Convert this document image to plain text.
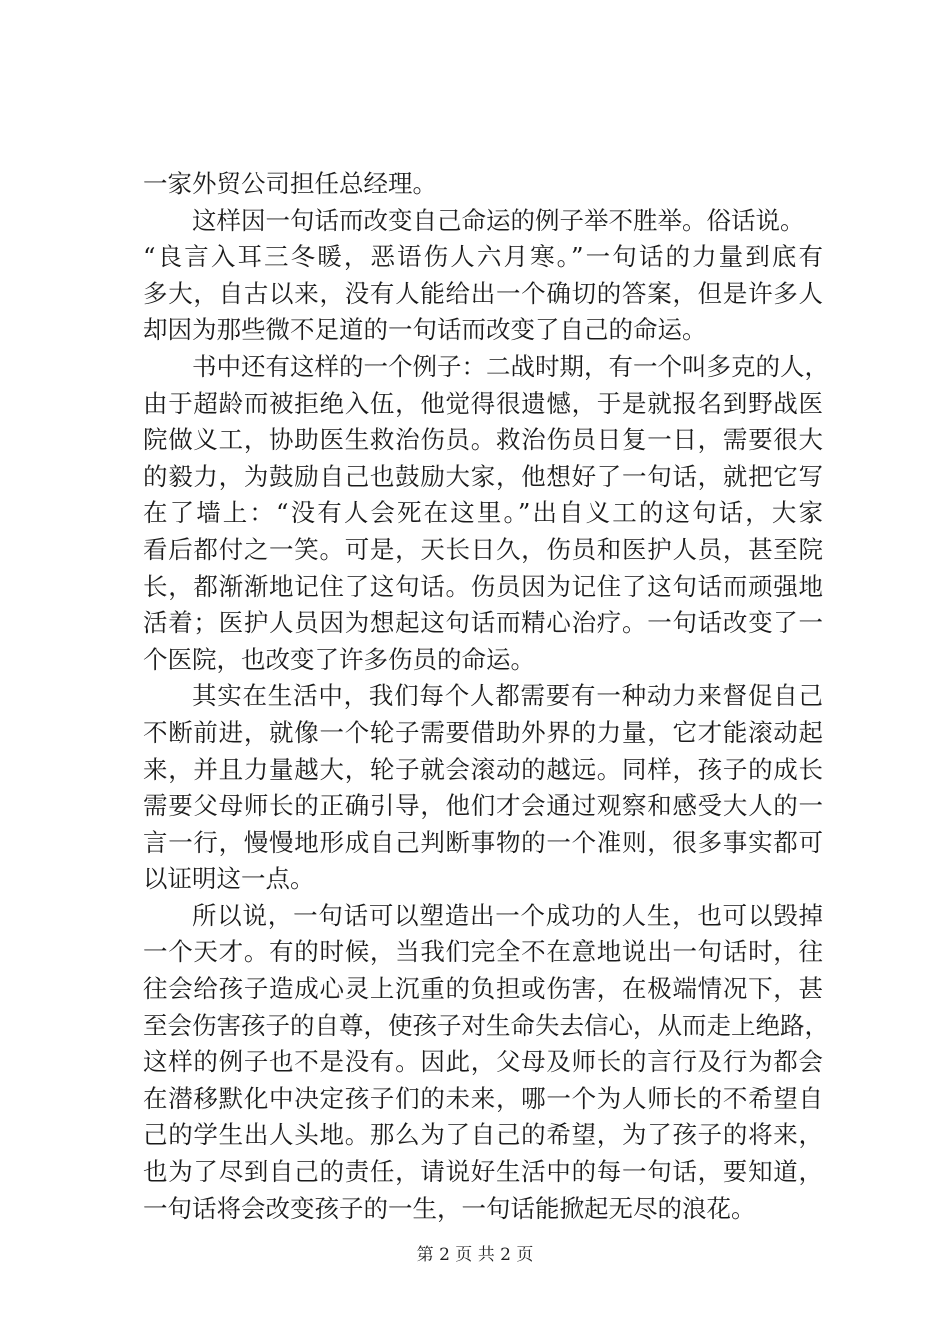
一家外贸公司担任总经理。
这样因一句话而改变自己命运的例子举不胜举。俗话说。
“良言入耳三冬暖，恶语伤人六月寒。”一句话的力量到底有
多大，自古以来，没有人能给出一个确切的答案，但是许多人
却因为那些微不足道的一句话而改变了自己的命运。
书中还有这样的一个例子：二战时期，有一个叫多克的人，
由于超龄而被拒绝入伍，他觉得很遗憾，于是就报名到野战医
院做义工，协助医生救治伤员。救治伤员日复一日，需要很大
的毅力，为鼓励自己也鼓励大家，他想好了一句话，就把它写
在了墙上：“没有人会死在这里。”出自义工的这句话，大家
看后都付之一笑。可是，天长日久，伤员和医护人员，甚至院
长，都渐渐地记住了这句话。伤员因为记住了这句话而顽强地
活着；医护人员因为想起这句话而精心治疗。一句话改变了一
个医院，也改变了许多伤员的命运。
其实在生活中，我们每个人都需要有一种动力来督促自己
不断前进，就像一个轮子需要借助外界的力量，它才能滚动起
来，并且力量越大，轮子就会滚动的越远。同样，孩子的成长
需要父母师长的正确引导，他们才会通过观察和感受大人的一
言一行，慢慢地形成自己判断事物的一个准则，很多事实都可
以证明这一点。
所以说，一句话可以塑造出一个成功的人生，也可以毁掉
一个天才。有的时候，当我们完全不在意地说出一句话时，往
往会给孩子造成心灵上沉重的负担或伤害，在极端情况下，甚
至会伤害孩子的自尊，使孩子对生命失去信心，从而走上绝路，
这样的例子也不是没有。因此，父母及师长的言行及行为都会
在潜移默化中决定孩子们的未来，哪一个为人师长的不希望自
己的学生出人头地。那么为了自己的希望，为了孩子的将来，
也为了尽到自己的责任，请说好生活中的每一句话，要知道，
一句话将会改变孩子的一生，一句话能掀起无尽的浪花。
第 2 页 共 2 页
